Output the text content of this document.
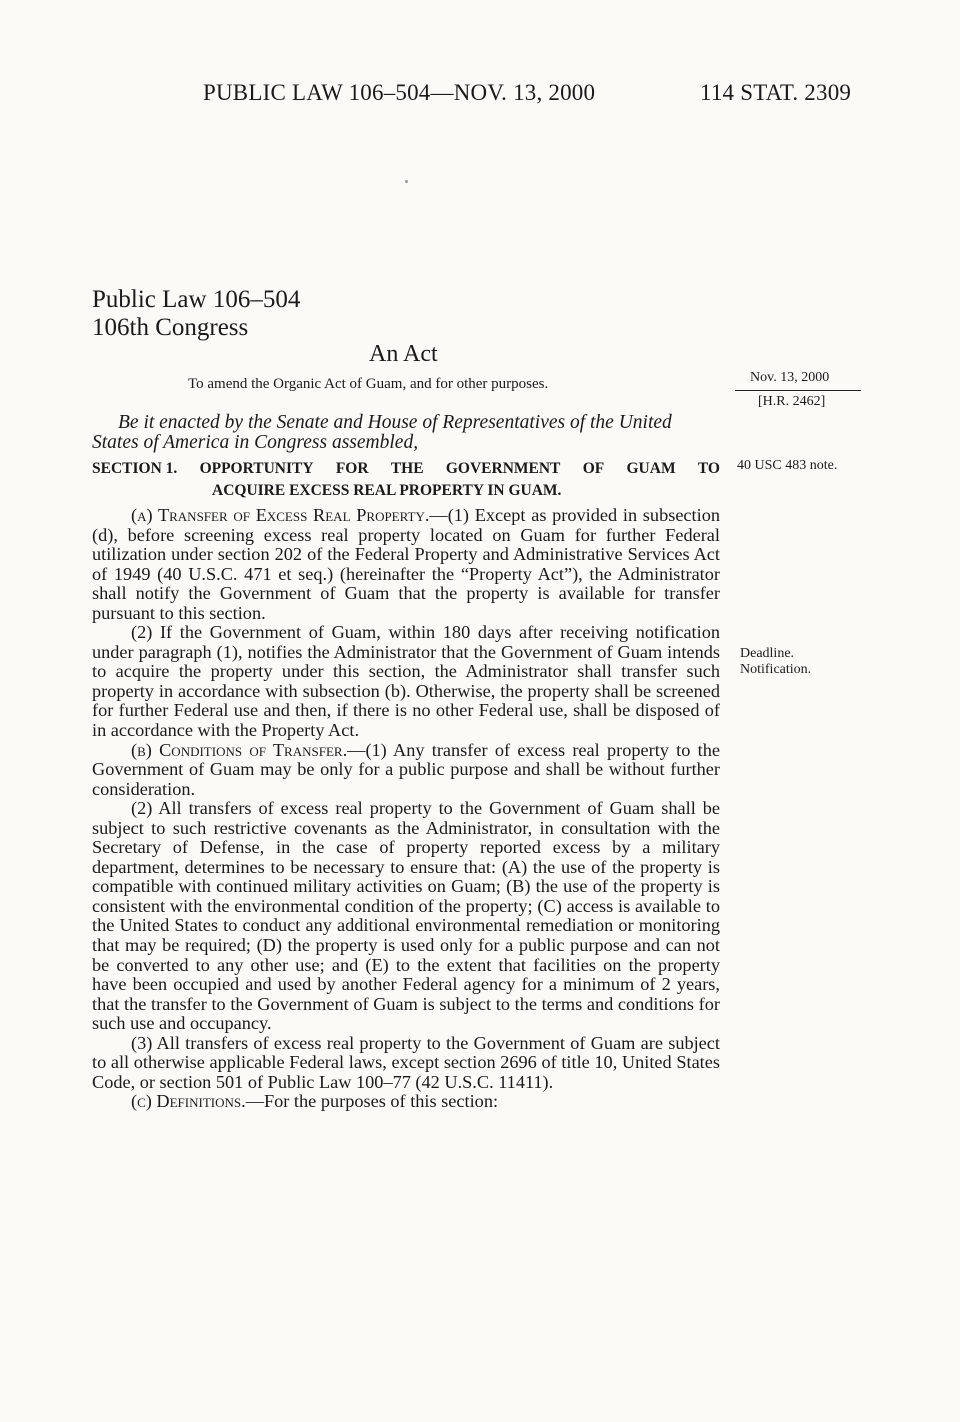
PUBLIC LAW 106–504—NOV. 13, 2000	114 STAT. 2309
Public Law 106–504
106th Congress
An Act
To amend the Organic Act of Guam, and for other purposes.	Nov. 13, 2000
[H.R. 2462]
40 USC 483 note.
Deadline.
Notification.
Be it enacted by the Senate and House of Representatives of the United States of America in Congress assembled,
SECTION 1. OPPORTUNITY FOR THE GOVERNMENT OF GUAM TO
ACQUIRE EXCESS REAL PROPERTY IN GUAM.

(a) Transfer of Excess Real Property.—(1) Except as provided in subsection (d), before screening excess real property located on Guam for further Federal utilization under section 202 of the Federal Property and Administrative Services Act of 1949 (40 U.S.C. 471 et seq.) (hereinafter the “Property Act”), the Administrator shall notify the Government of Guam that the property is available for transfer pursuant to this section.

(2) If the Government of Guam, within 180 days after receiving notification under paragraph (1), notifies the Administrator that the Government of Guam intends to acquire the property under this section, the Administrator shall transfer such property in accordance with subsection (b). Otherwise, the property shall be screened for further Federal use and then, if there is no other Federal use, shall be disposed of in accordance with the Property Act.

(b) Conditions of Transfer.—(1) Any transfer of excess real property to the Government of Guam may be only for a public purpose and shall be without further consideration.

(2) All transfers of excess real property to the Government of Guam shall be subject to such restrictive covenants as the Administrator, in consultation with the Secretary of Defense, in the case of property reported excess by a military department, determines to be necessary to ensure that: (A) the use of the property is compatible with continued military activities on Guam; (B) the use of the property is consistent with the environmental condition of the property; (C) access is available to the United States to conduct any additional environmental remediation or monitoring that may be required; (D) the property is used only for a public purpose and can not be converted to any other use; and (E) to the extent that facilities on the property have been occupied and used by another Federal agency for a minimum of 2 years, that the transfer to the Government of Guam is subject to the terms and conditions for such use and occupancy.

(3) All transfers of excess real property to the Government of Guam are subject to all otherwise applicable Federal laws, except section 2696 of title 10, United States Code, or section 501 of Public Law 100–77 (42 U.S.C. 11411).

(c) Definitions.—For the purposes of this section:
